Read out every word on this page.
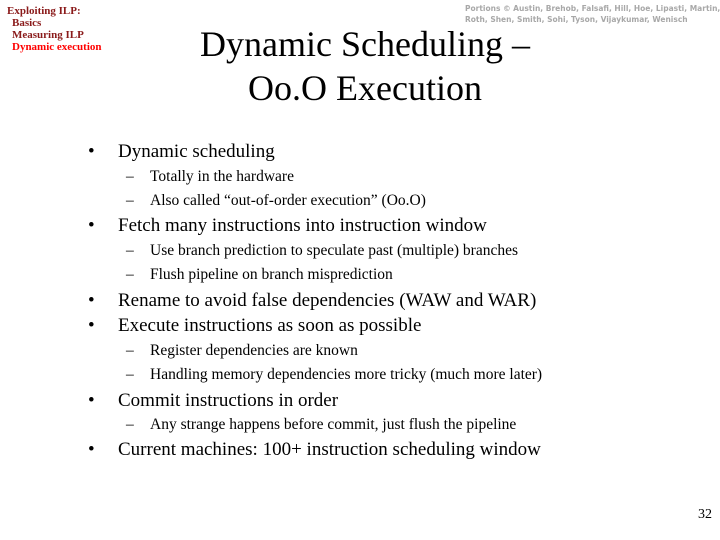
Exploiting ILP:
Basics
Measuring ILP
Dynamic execution
Portions © Austin, Brehob, Falsafi, Hill, Hoe, Lipasti, Martin,
Roth, Shen, Smith, Sohi, Tyson, Vijaykumar, Wenisch
Dynamic Scheduling –
Oo.O Execution
•	Dynamic scheduling
– Totally in the hardware
– Also called “out-of-order execution” (Oo.O)
•	Fetch many instructions into instruction window
– Use branch prediction to speculate past (multiple) branches
– Flush pipeline on branch misprediction
•	Rename to avoid false dependencies (WAW and WAR)
•	Execute instructions as soon as possible
– Register dependencies are known
– Handling memory dependencies more tricky (much more later)
•	Commit instructions in order
– Any strange happens before commit, just flush the pipeline
•	Current machines: 100+ instruction scheduling window
32
